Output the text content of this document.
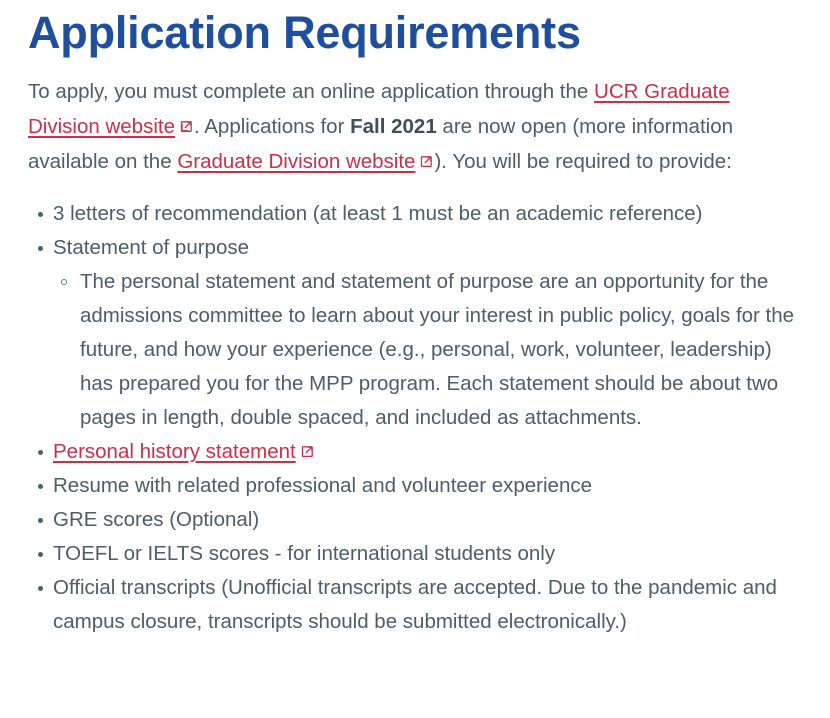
Application Requirements

To apply, you must complete an online application through the UCR Graduate Division website . Applications for Fall 2021 are now open (more information available on the Graduate Division website ). You will be required to provide:

3 letters of recommendation (at least 1 must be an academic reference)
Statement of purpose
The personal statement and statement of purpose are an opportunity for the admissions committee to learn about your interest in public policy, goals for the future, and how your experience (e.g., personal, work, volunteer, leadership) has prepared you for the MPP program. Each statement should be about two pages in length, double spaced, and included as attachments.
Personal history statement
Resume with related professional and volunteer experience
GRE scores (Optional)
TOEFL or IELTS scores - for international students only
Official transcripts (Unofficial transcripts are accepted. Due to the pandemic and campus closure, transcripts should be submitted electronically.)
